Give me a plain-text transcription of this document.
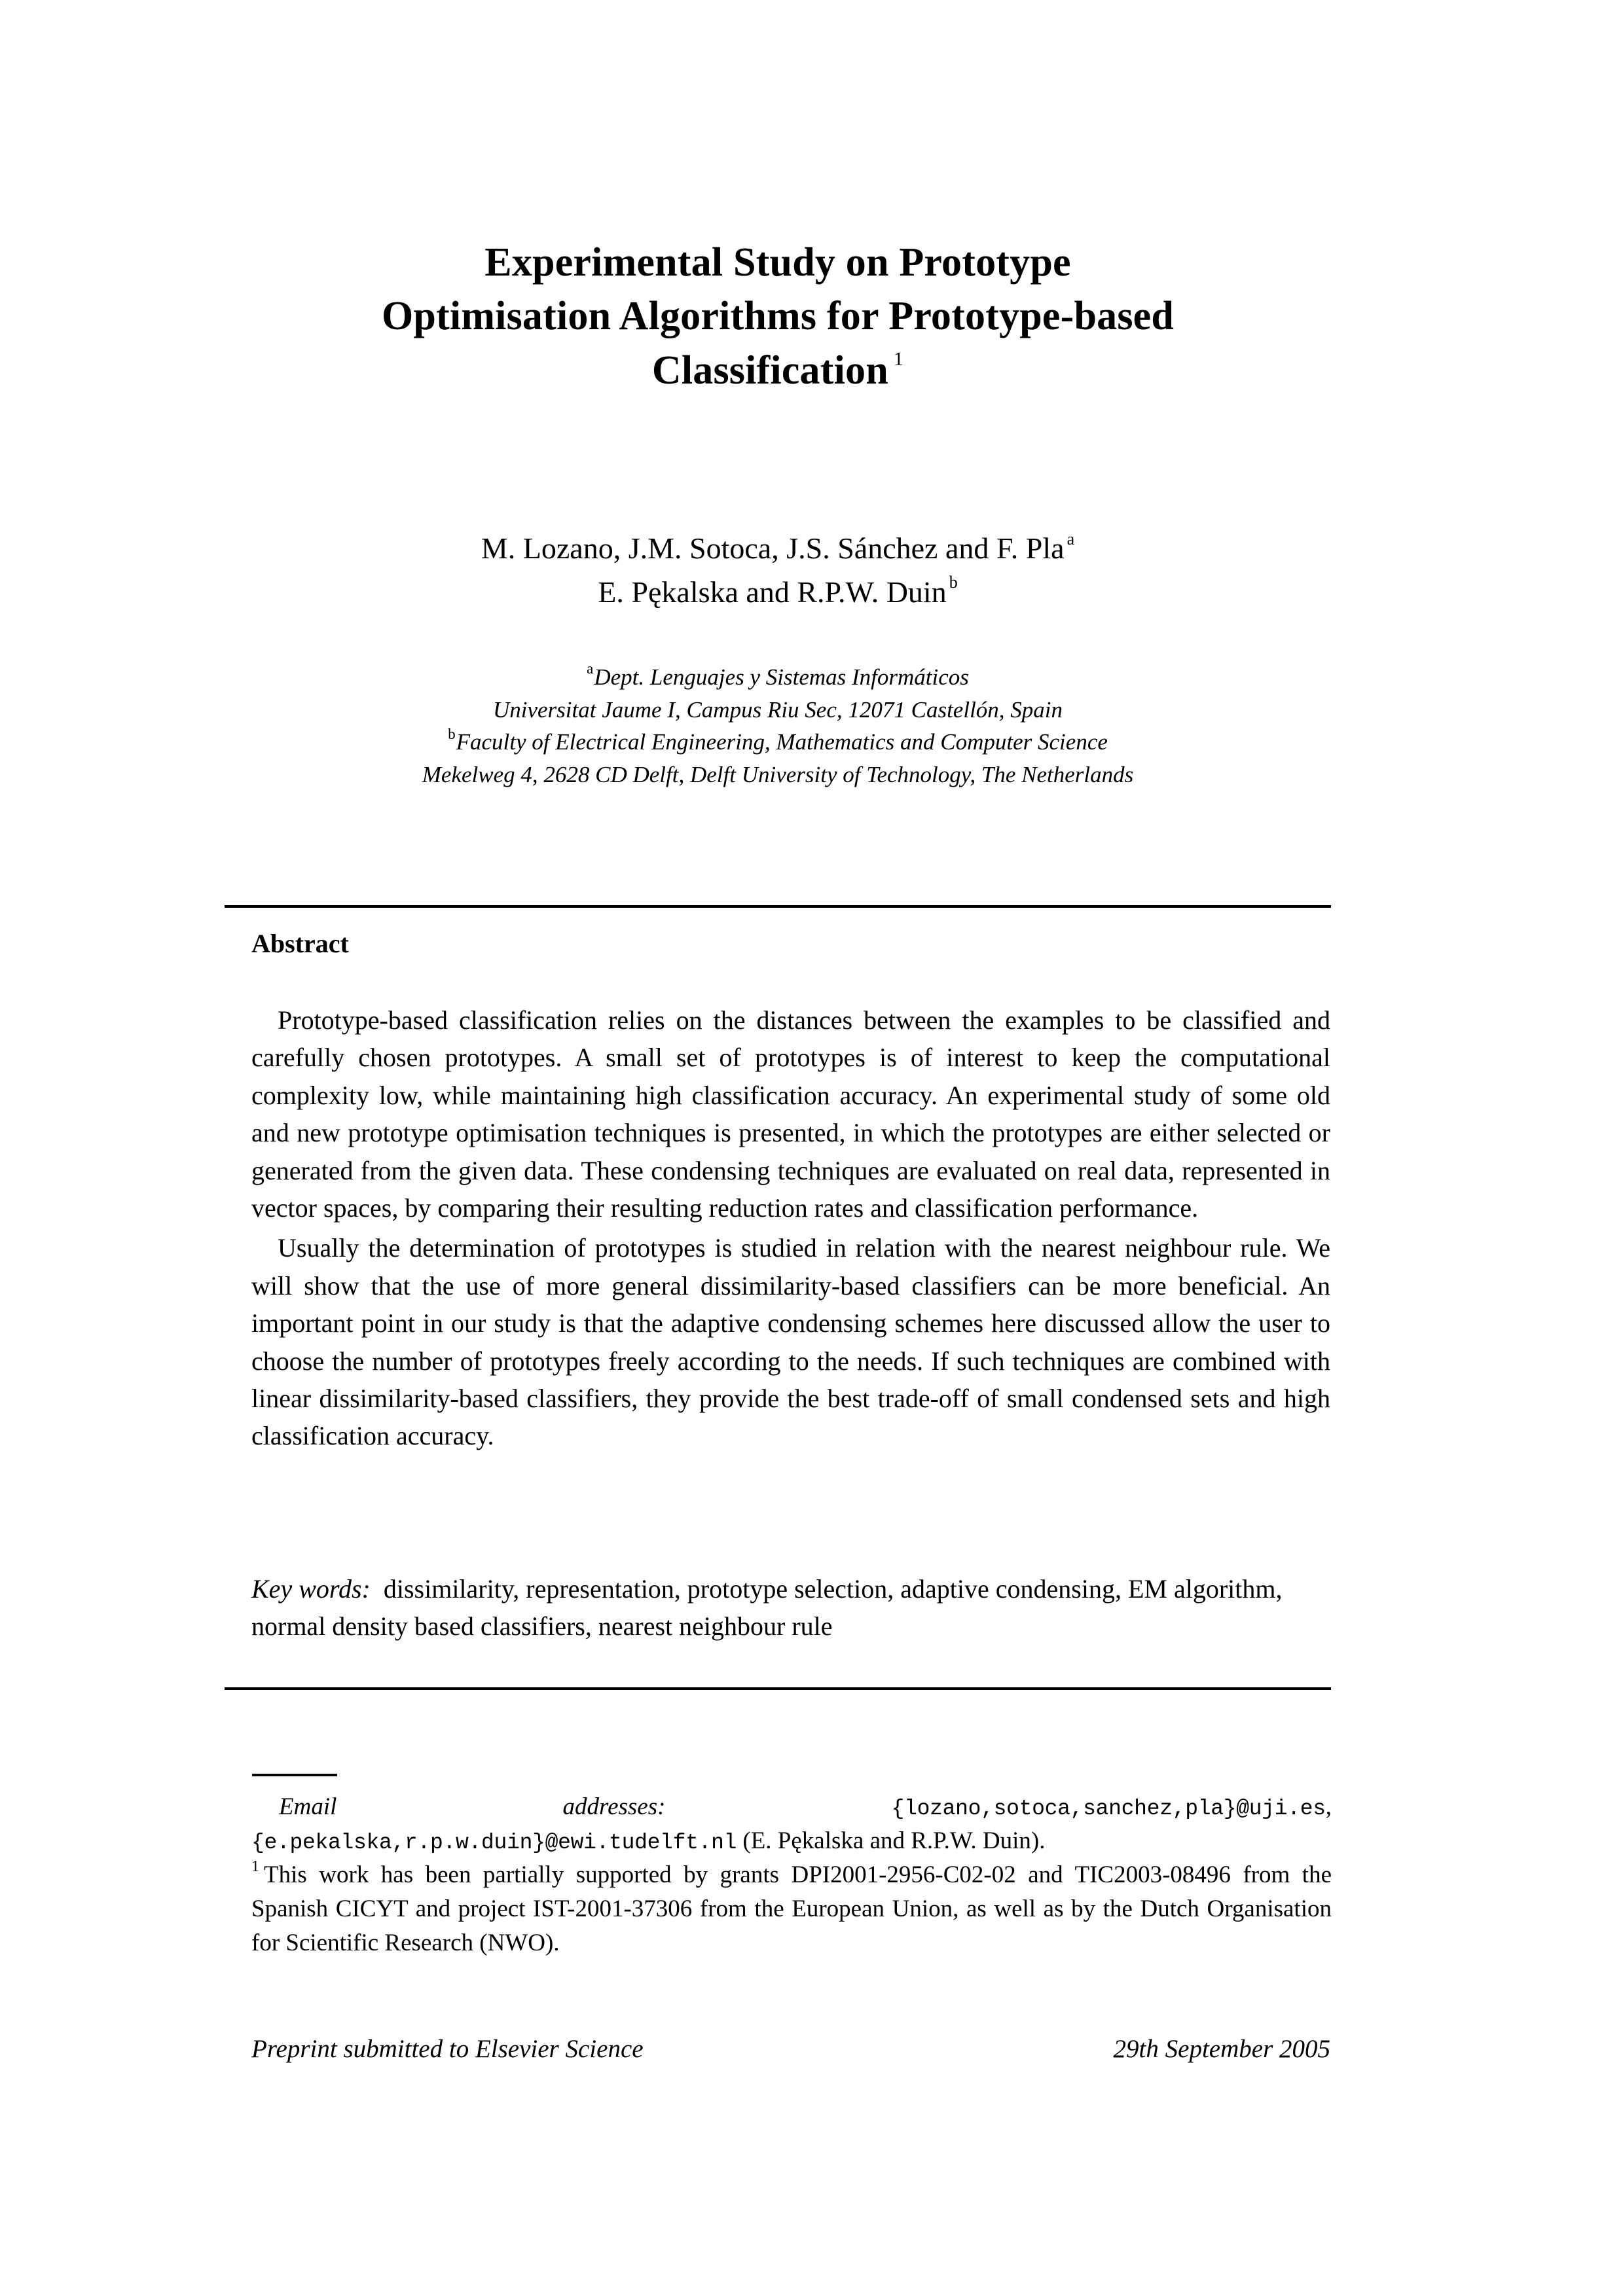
Experimental Study on Prototype
Optimisation Algorithms for Prototype-based
Classification $^1$
M. Lozano, J.M. Sotoca, J.S. Sánchez and F. Pla $^a$
E. Pękalska and R.P.W. Duin $^b$
$^a$Dept. Lenguajes y Sistemas Informáticos
Universitat Jaume I, Campus Riu Sec, 12071 Castellón, Spain
$^b$Faculty of Electrical Engineering, Mathematics and Computer Science
Mekelweg 4, 2628 CD Delft, Delft University of Technology, The Netherlands
Abstract

Prototype-based classification relies on the distances between the examples to be classified and carefully chosen prototypes. A small set of prototypes is of interest to keep the computational complexity low, while maintaining high classification accuracy. An experimental study of some old and new prototype optimisation techniques is presented, in which the prototypes are either selected or generated from the given data. These condensing techniques are evaluated on real data, represented in vector spaces, by comparing their resulting reduction rates and classification performance.

Usually the determination of prototypes is studied in relation with the nearest neighbour rule. We will show that the use of more general dissimilarity-based classifiers can be more beneficial. An important point in our study is that the adaptive condensing schemes here discussed allow the user to choose the number of prototypes freely according to the needs. If such techniques are combined with linear dissimilarity-based classifiers, they provide the best trade-off of small condensed sets and high classification accuracy.

Key words: dissimilarity, representation, prototype selection, adaptive condensing, EM algorithm, normal density based classifiers, nearest neighbour rule
Email addresses:	{lozano,sotoca,sanchez,pla}@uji.es, {e.pekalska,r.p.w.duin}@ewi.tudelft.nl (E. Pękalska and R.P.W. Duin).
$^1$ This work has been partially supported by grants DPI2001-2956-C02-02 and TIC2003-08496 from the Spanish CICYT and project IST-2001-37306 from the European Union, as well as by the Dutch Organisation for Scientific Research (NWO).
Preprint submitted to Elsevier Science	29th September 2005
